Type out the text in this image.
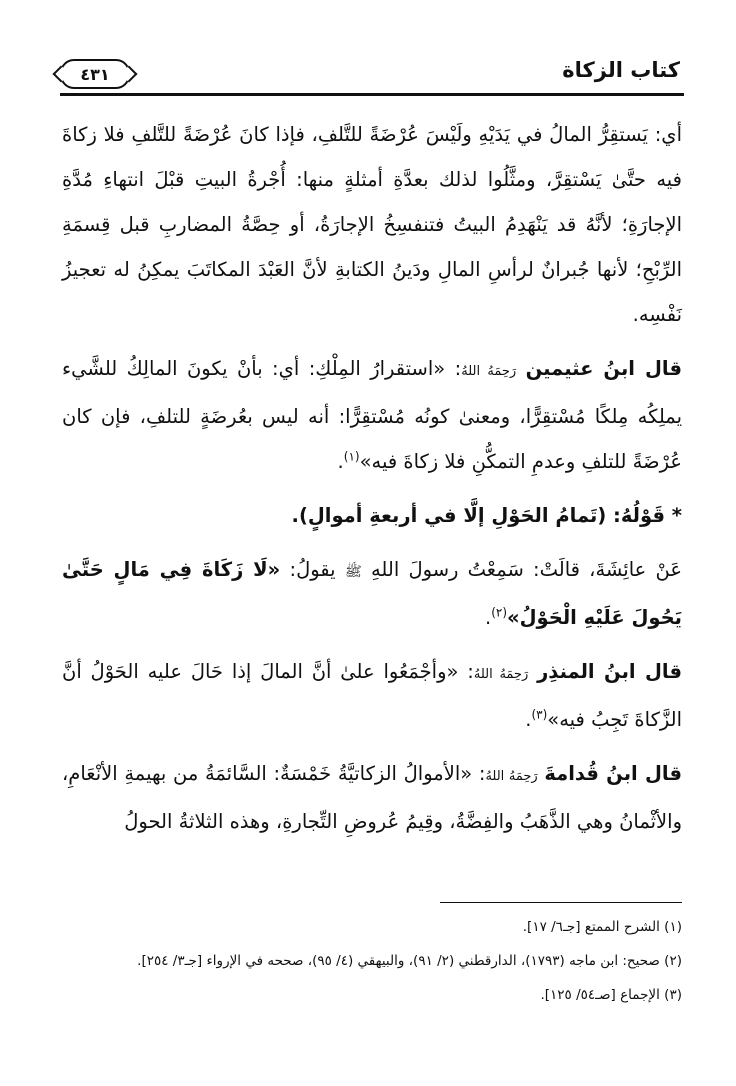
كتاب الزكاة
٤٣١

أي: يَستقِرُّ المالُ في يَدَيْهِ ولَيْسَ عُرْضَةً للتَّلفِ، فإذا كانَ عُرْضَةً للتَّلفِ فلا زكاةَ فيه حتَّىٰ يَسْتقِرَّ، ومثَّلُوا لذلك بعدَّةِ أمثلةٍ منها: أُجْرةُ البيتِ قبْلَ انتهاءِ مُدَّةِ الإجارَةِ؛ لأنَّهُ قد يَنْهَدِمُ البيتُ فتنفسِخُ الإجارَةُ، أو حِصَّةُ المضاربِ قبل قِسمَةِ الرِّبْحِ؛ لأنها جُبرانٌ لرأسِ المالِ ودَينُ الكتابةِ لأنَّ العَبْدَ المكاتَبَ يمكِنُ له تعجيزُ نَفْسِه.

قال ابنُ عثيمين رَحِمَهُ اللهُ: «استقرارُ المِلْكِ: أي: بأنْ يكونَ المالِكُ للشَّيء يملِكُه مِلكًا مُسْتقِرًّا، ومعنىٰ كونُه مُسْتقِرًّا: أنه ليس بعُرضَةٍ للتلفِ، فإن كان عُرْضَةً للتلفِ وعدمِ التمكُّنِ فلا زكاةَ فيه»$^{(١)}$.

* قَوْلُهُ: (تَمامُ الحَوْلِ إلَّا في أربعةِ أموالٍ).

عَنْ عائِشَةَ، قالَتْ: سَمِعْتُ رسولَ اللهِ ﷺ يقولُ: «لَا زَكَاةَ فِي مَالٍ حَتَّىٰ يَحُولَ عَلَيْهِ الْحَوْلُ»$^{(٢)}$.

قال ابنُ المنذِر رَحِمَهُ اللهُ: «وأجْمَعُوا علىٰ أنَّ المالَ إذا حَالَ عليه الحَوْلُ أنَّ الزَّكاةَ تَجِبُ فيه»$^{(٣)}$.

قال ابنُ قُدامةَ رَحِمَهُ اللهُ: «الأموالُ الزكاتيَّةُ خَمْسَةٌ: السَّائمَةُ من بهيمةِ الأنْعَامِ، والأثْمانُ وهي الذَّهَبُ والفِضَّةُ، وقِيمُ عُروضِ التِّجارةِ، وهذه الثلاثةُ الحولُ

(١) الشرح الممتع [جـ٦/ ١٧].
(٢) صحيح: ابن ماجه (١٧٩٣)، الدارقطني (٢/ ٩١)، والبيهقي (٤/ ٩٥)، صححه في الإرواء [جـ٣/ ٢٥٤].
(٣) الإجماع [صـ٥٤/ ١٢٥].
